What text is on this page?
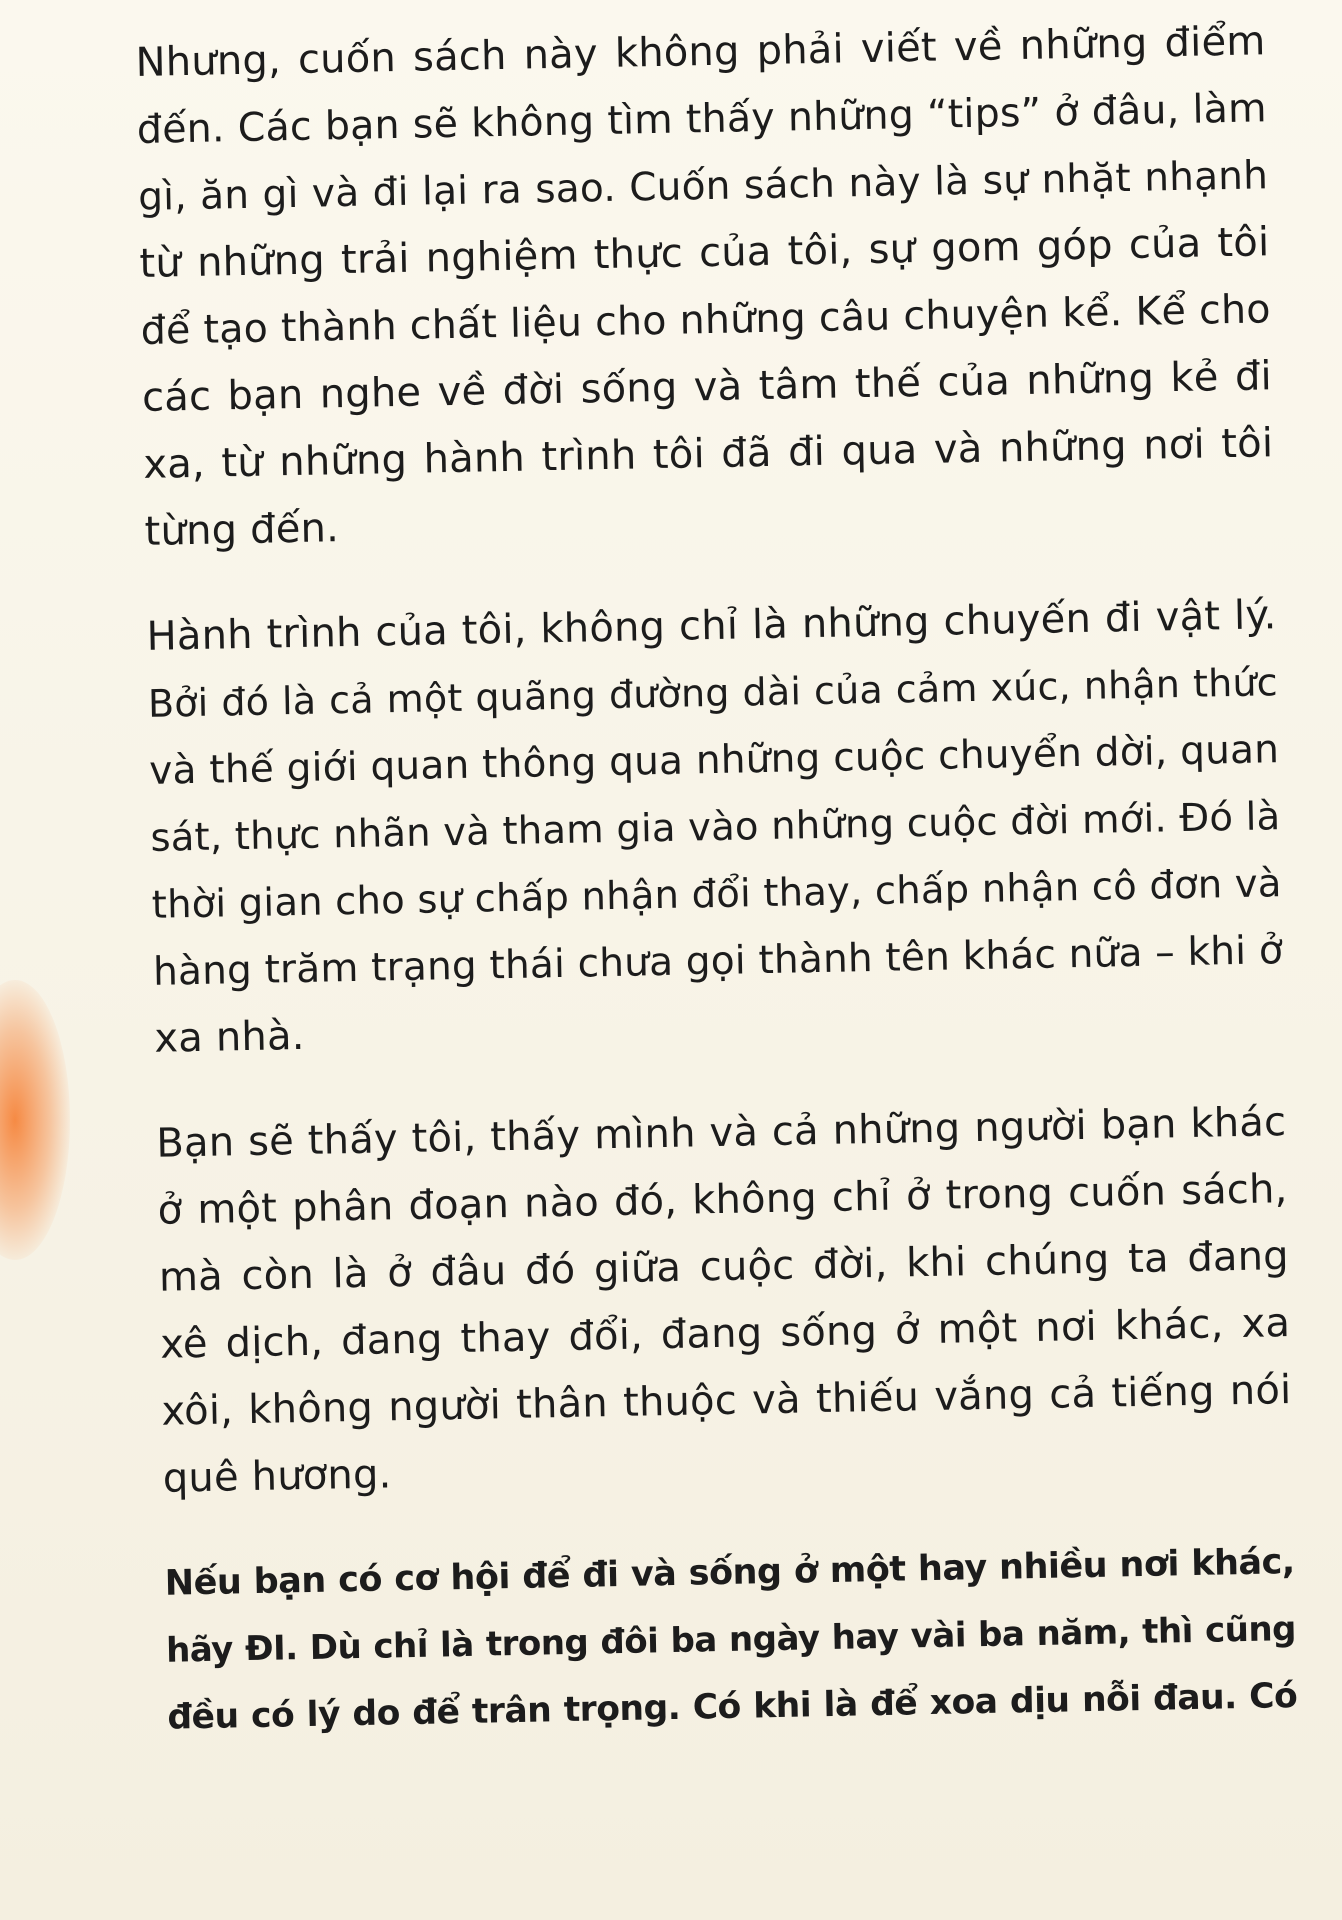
Nhưng, cuốn sách này không phải viết về những điểm
đến. Các bạn sẽ không tìm thấy những “tips” ở đâu, làm
gì, ăn gì và đi lại ra sao. Cuốn sách này là sự nhặt nhạnh
từ những trải nghiệm thực của tôi, sự gom góp của tôi
để tạo thành chất liệu cho những câu chuyện kể. Kể cho
các bạn nghe về đời sống và tâm thế của những kẻ đi
xa, từ những hành trình tôi đã đi qua và những nơi tôi
từng đến.
Hành trình của tôi, không chỉ là những chuyến đi vật lý.
Bởi đó là cả một quãng đường dài của cảm xúc, nhận thức
và thế giới quan thông qua những cuộc chuyển dời, quan
sát, thực nhãn và tham gia vào những cuộc đời mới. Đó là
thời gian cho sự chấp nhận đổi thay, chấp nhận cô đơn và
hàng trăm trạng thái chưa gọi thành tên khác nữa – khi ở
xa nhà.
Bạn sẽ thấy tôi, thấy mình và cả những người bạn khác
ở một phân đoạn nào đó, không chỉ ở trong cuốn sách,
mà còn là ở đâu đó giữa cuộc đời, khi chúng ta đang
xê dịch, đang thay đổi, đang sống ở một nơi khác, xa
xôi, không người thân thuộc và thiếu vắng cả tiếng nói
quê hương.
Nếu bạn có cơ hội để đi và sống ở một hay nhiều nơi khác,
hãy ĐI. Dù chỉ là trong đôi ba ngày hay vài ba năm, thì cũng
đều có lý do để trân trọng. Có khi là để xoa dịu nỗi đau. Có
